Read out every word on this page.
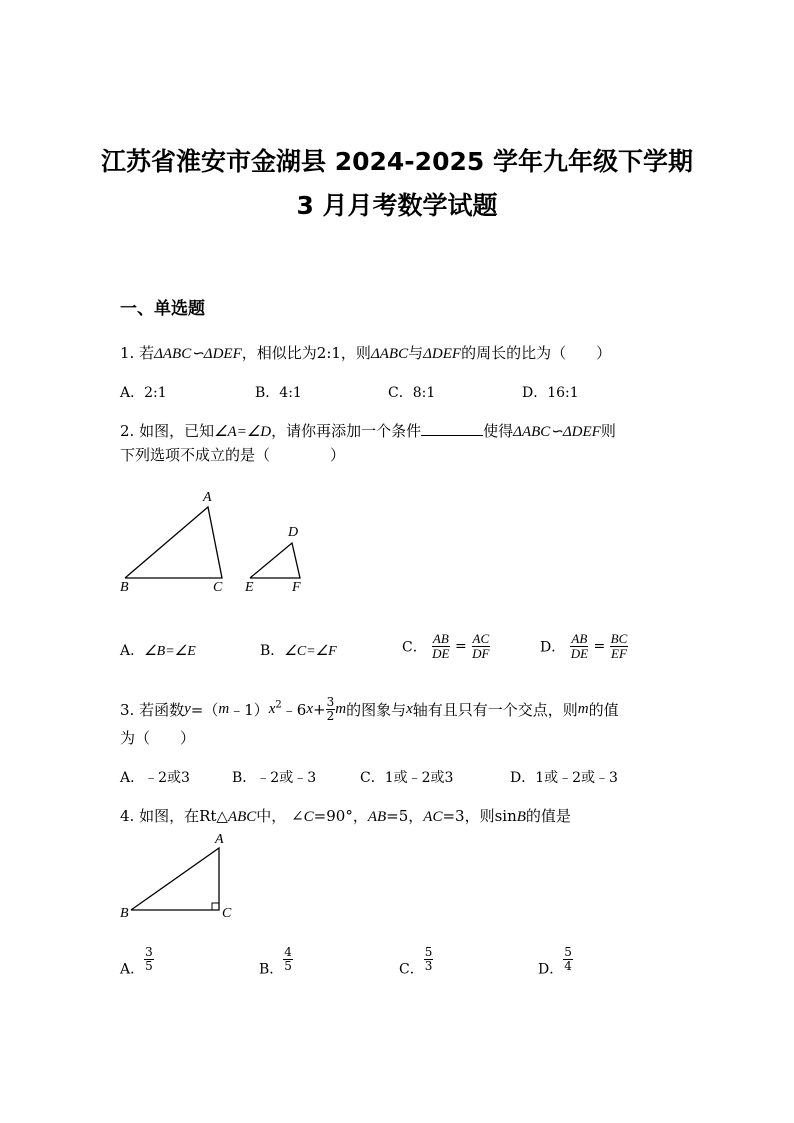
江苏省淮安市金湖县 2024-2025 学年九年级下学期
3 月月考数学试题
一、单选题
1. 若ΔABC∽ΔDEF，相似比为2:1，则ΔABC与ΔDEF的周长的比为（　　）
A．2:1	B．4:1	C．8:1	D．16:1
2. 如图，已知∠A=∠D，请你再添加一个条件	使得ΔABC∽ΔDEF则
下列选项不成立的是（　　　　）
A
B	C
D
E	F
A．∠B=∠E	B．∠C=∠F	C． $\frac{AB}{DE} = \frac{AC}{DF}$	D． $\frac{AB}{DE} = \frac{BC}{EF}$
3. 若函数$y=(m﹣1)x^2﹣6x+ \frac{3}{2}$ m的图象与x轴有且只有一个交点，则m的值
为（　　）
A．﹣2或3	B．﹣2或﹣3	C．1或﹣2或3	D．1或﹣2或﹣3
4. 如图，在Rt△ABC中， ∠C=90°，AB=5，AC=3，则sinB的值是
A
B	C
A． $\frac{3}{5}$	B． $\frac{4}{5}$	C． $\frac{5}{3}$	D． $\frac{5}{4}$
